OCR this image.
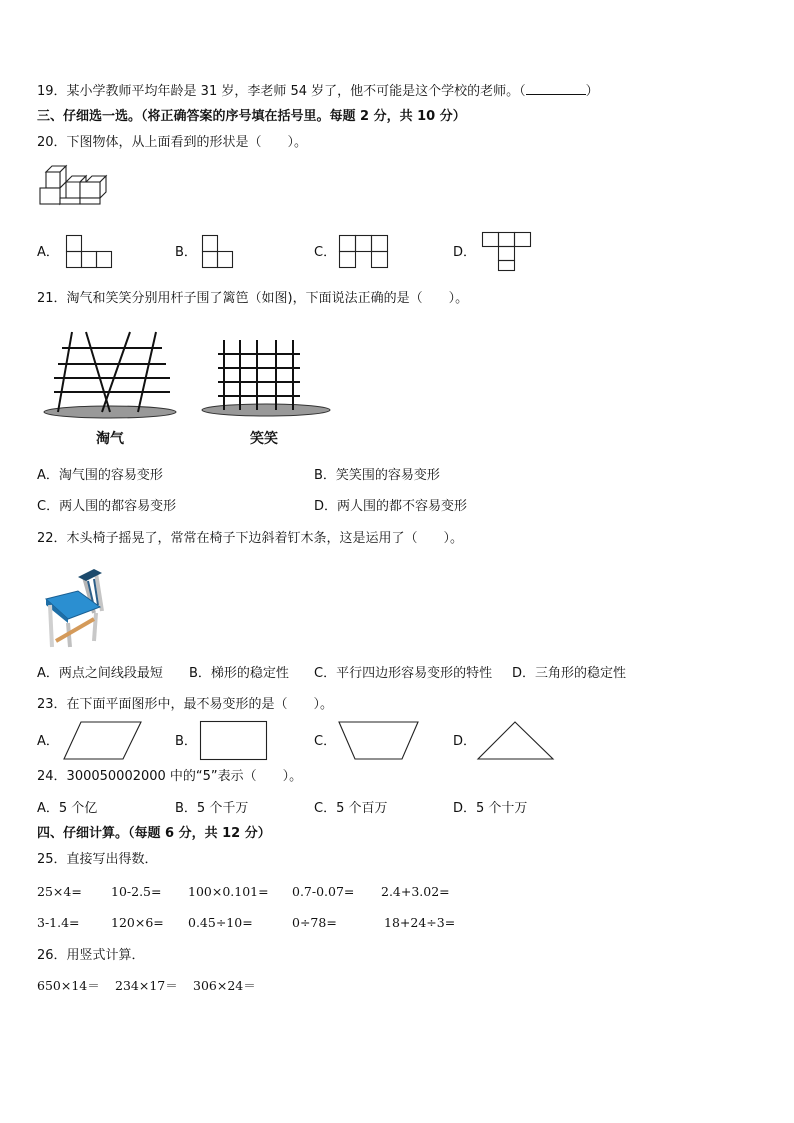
19．某小学教师平均年龄是 31 岁，李老师 54 岁了，他不可能是这个学校的老师。（	）
三、仔细选一选。（将正确答案的序号填在括号里。每题 2 分，共 10 分）
20．下图物体，从上面看到的形状是（　　）。
A．	B．	C．	D．
21．淘气和笑笑分别用杆子围了篱笆（如图)，下面说法正确的是（　　）。
淘气	笑笑
A．淘气围的容易变形	B．笑笑围的容易变形
C．两人围的都容易变形	D．两人围的都不容易变形
22．木头椅子摇晃了，常常在椅子下边斜着钉木条，这是运用了（　　）。
A．两点之间线段最短 B．梯形的稳定性 C．平行四边形容易变形的特性 D．三角形的稳定性
23．在下面平面图形中，最不易变形的是（　　）。
A．	B．	C．	D．
24．300050002000 中的“5”表示（　　）。
A．5 个亿	B．5 个千万	C．5 个百万	D．5 个十万
四、仔细计算。（每题 6 分，共 12 分）
25．直接写出得数．
25×4= 10-2.5= 100×0.101= 0.7-0.07= 2.4+3.02=
3-1.4=	120×6= 0.45÷10=	0÷78=	18+24÷3=
26．用竖式计算．
650×14＝ 234×17＝ 306×24＝
